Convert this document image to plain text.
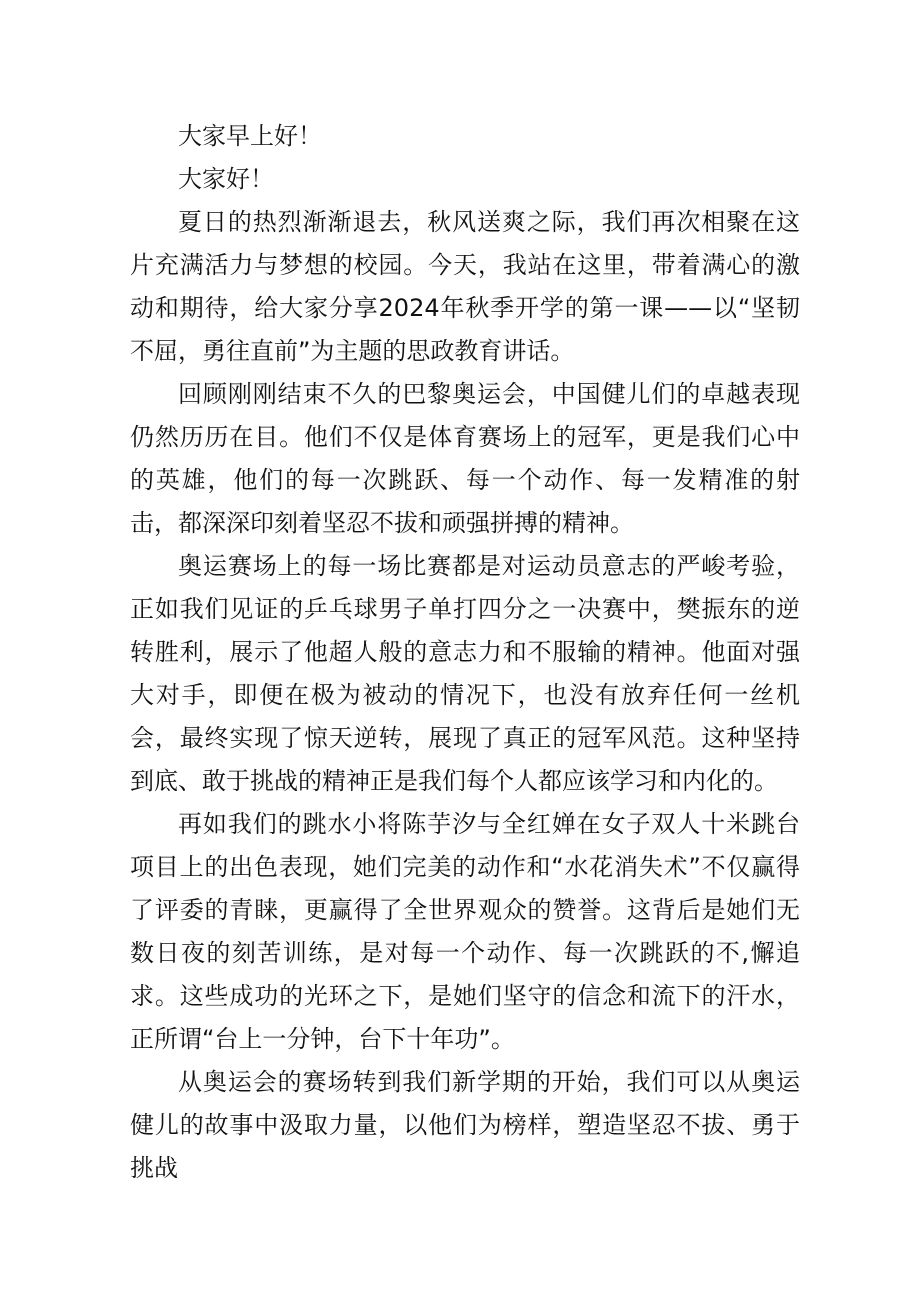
大家早上好！

大家好！

夏日的热烈渐渐退去，秋风送爽之际，我们再次相聚在这片充满活力与梦想的校园。今天，我站在这里，带着满心的激动和期待，给大家分享2024年秋季开学的第一课——以“坚韧不屈，勇往直前”为主题的思政教育讲话。

回顾刚刚结束不久的巴黎奥运会，中国健儿们的卓越表现仍然历历在目。他们不仅是体育赛场上的冠军，更是我们心中的英雄，他们的每一次跳跃、每一个动作、每一发精准的射击，都深深印刻着坚忍不拔和顽强拼搏的精神。

奥运赛场上的每一场比赛都是对运动员意志的严峻考验，正如我们见证的乒乓球男子单打四分之一决赛中，樊振东的逆转胜利，展示了他超人般的意志力和不服输的精神。他面对强大对手，即便在极为被动的情况下，也没有放弃任何一丝机会，最终实现了惊天逆转，展现了真正的冠军风范。这种坚持到底、敢于挑战的精神正是我们每个人都应该学习和内化的。

再如我们的跳水小将陈芋汐与全红婵在女子双人十米跳台项目上的出色表现，她们完美的动作和“水花消失术”不仅赢得了评委的青睐，更赢得了全世界观众的赞誉。这背后是她们无数日夜的刻苦训练，是对每一个动作、每一次跳跃的不,懈追求。这些成功的光环之下，是她们坚守的信念和流下的汗水，正所谓“台上一分钟，台下十年功”。

从奥运会的赛场转到我们新学期的开始，我们可以从奥运健儿的故事中汲取力量，以他们为榜样，塑造坚忍不拔、勇于挑战
